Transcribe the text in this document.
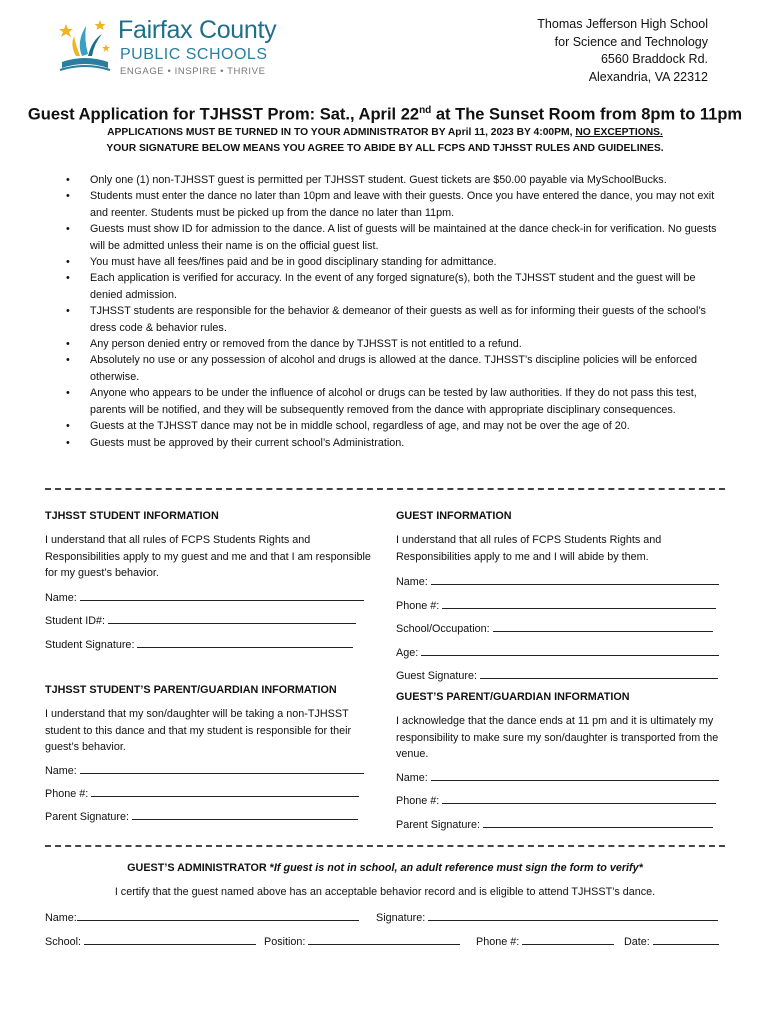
Fairfax County
PUBLIC SCHOOLS
ENGAGE • INSPIRE • THRIVE
Thomas Jefferson High School
for Science and Technology
6560 Braddock Rd.
Alexandria, VA 22312
Guest Application for TJHSST Prom: Sat., April 22nd at The Sunset Room from 8pm to 11pm
APPLICATIONS MUST BE TURNED IN TO YOUR ADMINISTRATOR BY April 11, 2023 BY 4:00PM, NO EXCEPTIONS.
YOUR SIGNATURE BELOW MEANS YOU AGREE TO ABIDE BY ALL FCPS AND TJHSST RULES AND GUIDELINES.
• Only one (1) non-TJHSST guest is permitted per TJHSST student. Guest tickets are $50.00 payable via MySchoolBucks.
• Students must enter the dance no later than 10pm and leave with their guests. Once you have entered the dance, you may not exit and reenter. Students must be picked up from the dance no later than 11pm.
• Guests must show ID for admission to the dance. A list of guests will be maintained at the dance check-in for verification. No guests will be admitted unless their name is on the official guest list.
• You must have all fees/fines paid and be in good disciplinary standing for admittance.
• Each application is verified for accuracy. In the event of any forged signature(s), both the TJHSST student and the guest will be denied admission.
• TJHSST students are responsible for the behavior & demeanor of their guests as well as for informing their guests of the school’s dress code & behavior rules.
• Any person denied entry or removed from the dance by TJHSST is not entitled to a refund.
• Absolutely no use or any possession of alcohol and drugs is allowed at the dance. TJHSST’s discipline policies will be enforced otherwise.
• Anyone who appears to be under the influence of alcohol or drugs can be tested by law authorities. If they do not pass this test, parents will be notified, and they will be subsequently removed from the dance with appropriate disciplinary consequences.
• Guests at the TJHSST dance may not be in middle school, regardless of age, and may not be over the age of 20.
• Guests must be approved by their current school’s Administration.
TJHSST STUDENT INFORMATION
I understand that all rules of FCPS Students Rights and Responsibilities apply to my guest and me and that I am responsible for my guest’s behavior.
Name:
Student ID#:
Student Signature:
TJHSST STUDENT’S PARENT/GUARDIAN INFORMATION
I understand that my son/daughter will be taking a non-TJHSST student to this dance and that my student is responsible for their guest’s behavior.
Name:
Phone #:
Parent Signature:
GUEST INFORMATION
I understand that all rules of FCPS Students Rights and Responsibilities apply to me and I will abide by them.
Name:
Phone #:
School/Occupation:
Age:
Guest Signature:
GUEST’S PARENT/GUARDIAN INFORMATION
I acknowledge that the dance ends at 11 pm and it is ultimately my responsibility to make sure my son/daughter is transported from the venue.
Name:
Phone #:
Parent Signature:
GUEST’S ADMINISTRATOR *If guest is not in school, an adult reference must sign the form to verify*
I certify that the guest named above has an acceptable behavior record and is eligible to attend TJHSST’s dance.
Name:	Signature:
School:	Position:	Phone #:	Date:
